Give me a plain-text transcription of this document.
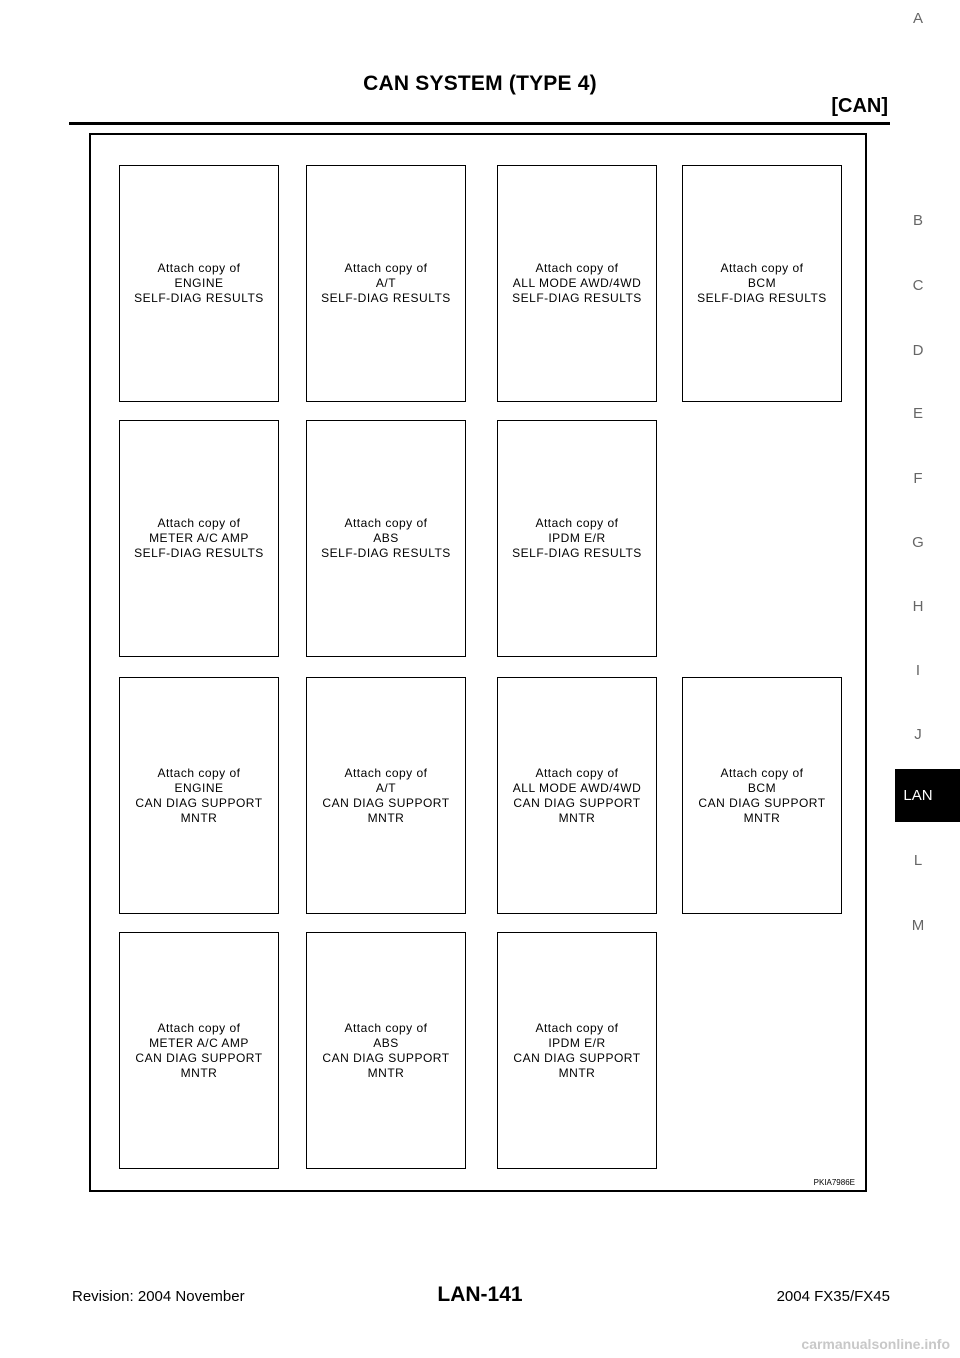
CAN SYSTEM (TYPE 4)
[CAN]
A
B
C
D
E
F
G
H
I
J
LAN
L
M
PKIA7986E
Attach copy of
ENGINE
SELF-DIAG RESULTS
Attach copy of
A/T
SELF-DIAG RESULTS
Attach copy of
ALL MODE AWD/4WD
SELF-DIAG RESULTS
Attach copy of
BCM
SELF-DIAG RESULTS
Attach copy of
METER A/C AMP
SELF-DIAG RESULTS
Attach copy of
ABS
SELF-DIAG RESULTS
Attach copy of
IPDM E/R
SELF-DIAG RESULTS
Attach copy of
ENGINE
CAN DIAG SUPPORT
MNTR
Attach copy of
A/T
CAN DIAG SUPPORT
MNTR
Attach copy of
ALL MODE AWD/4WD
CAN DIAG SUPPORT
MNTR
Attach copy of
BCM
CAN DIAG SUPPORT
MNTR
Attach copy of
METER A/C AMP
CAN DIAG SUPPORT
MNTR
Attach copy of
ABS
CAN DIAG SUPPORT
MNTR
Attach copy of
IPDM E/R
CAN DIAG SUPPORT
MNTR
Revision: 2004 November	LAN-141	2004 FX35/FX45
carmanualsonline.info
